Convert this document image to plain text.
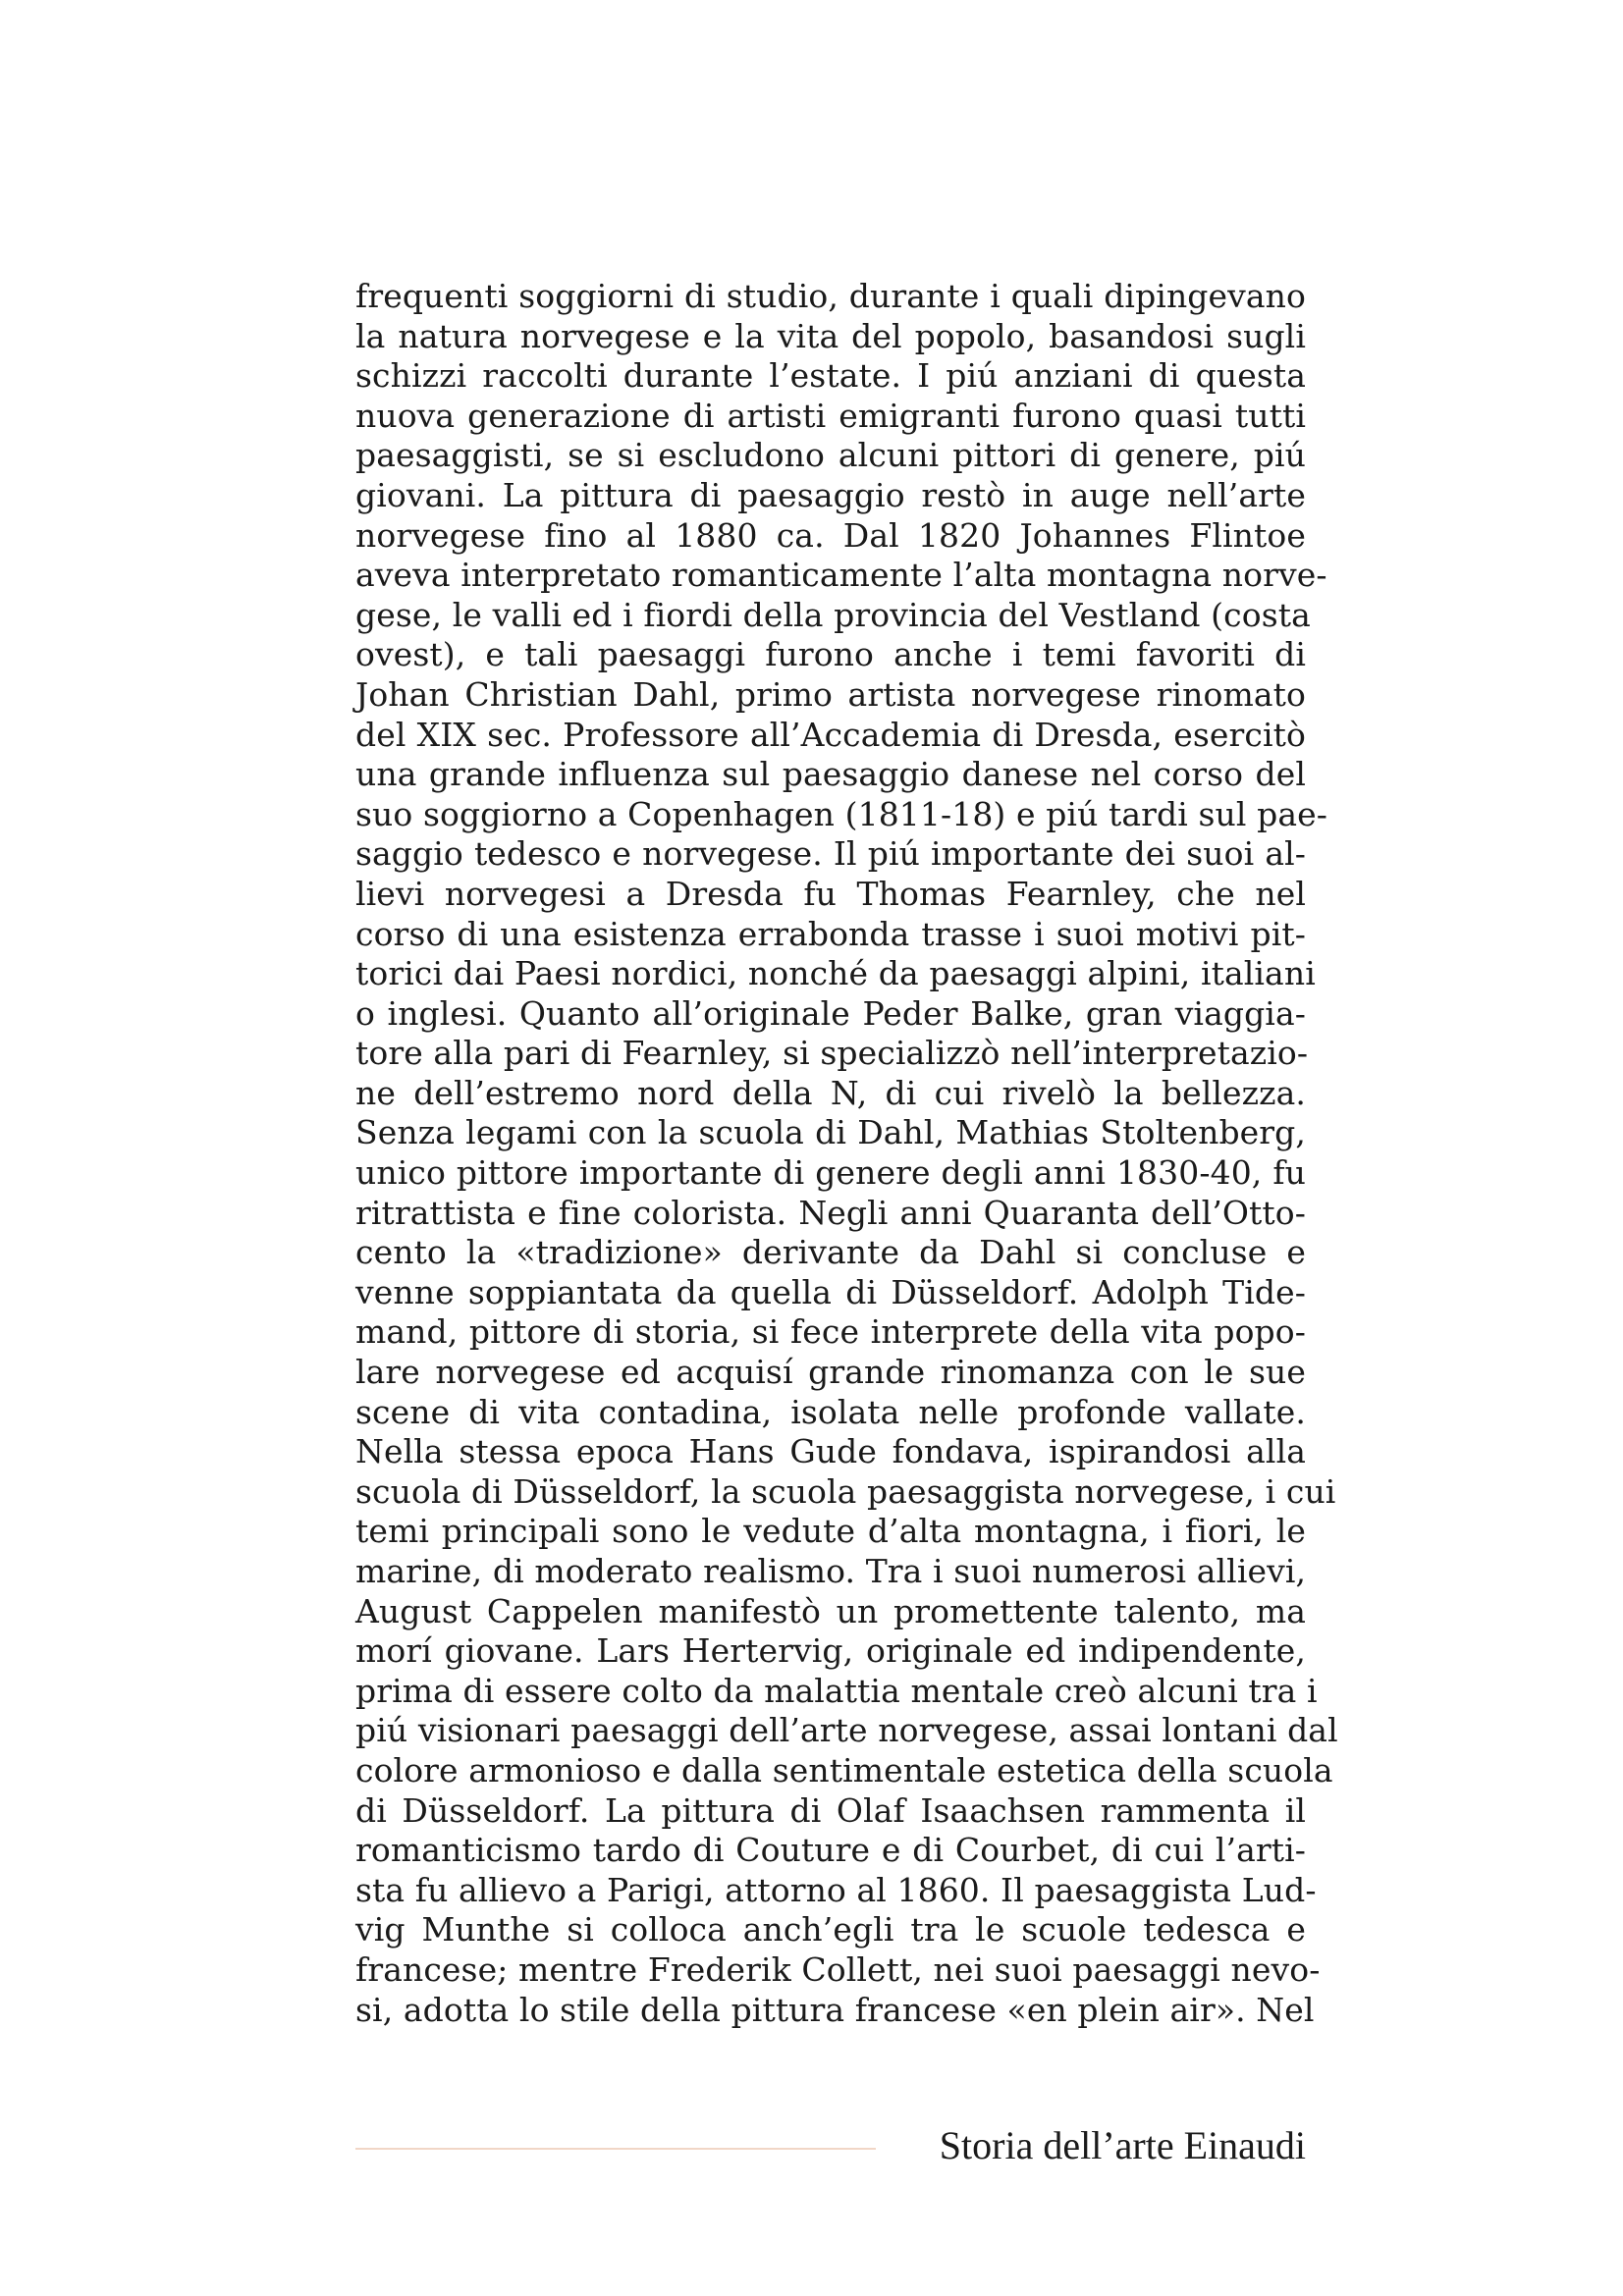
frequenti soggiorni di studio, durante i quali dipingevano
la natura norvegese e la vita del popolo, basandosi sugli
schizzi raccolti durante l’estate. I piú anziani di questa
nuova generazione di artisti emigranti furono quasi tutti
paesaggisti, se si escludono alcuni pittori di genere, piú
giovani. La pittura di paesaggio restò in auge nell’arte
norvegese fino al 1880 ca. Dal 1820 Johannes Flintoe
aveva interpretato romanticamente l’alta montagna norve-
gese, le valli ed i fiordi della provincia del Vestland (costa
ovest), e tali paesaggi furono anche i temi favoriti di
Johan Christian Dahl, primo artista norvegese rinomato
del XIX sec. Professore all’Accademia di Dresda, esercitò
una grande influenza sul paesaggio danese nel corso del
suo soggiorno a Copenhagen (1811-18) e piú tardi sul pae-
saggio tedesco e norvegese. Il piú importante dei suoi al-
lievi norvegesi a Dresda fu Thomas Fearnley, che nel
corso di una esistenza errabonda trasse i suoi motivi pit-
torici dai Paesi nordici, nonché da paesaggi alpini, italiani
o inglesi. Quanto all’originale Peder Balke, gran viaggia-
tore alla pari di Fearnley, si specializzò nell’interpretazio-
ne dell’estremo nord della N, di cui rivelò la bellezza.
Senza legami con la scuola di Dahl, Mathias Stoltenberg,
unico pittore importante di genere degli anni 1830-40, fu
ritrattista e fine colorista. Negli anni Quaranta dell’Otto-
cento la «tradizione» derivante da Dahl si concluse e
venne soppiantata da quella di Düsseldorf. Adolph Tide-
mand, pittore di storia, si fece interprete della vita popo-
lare norvegese ed acquisí grande rinomanza con le sue
scene di vita contadina, isolata nelle profonde vallate.
Nella stessa epoca Hans Gude fondava, ispirandosi alla
scuola di Düsseldorf, la scuola paesaggista norvegese, i cui
temi principali sono le vedute d’alta montagna, i fiori, le
marine, di moderato realismo. Tra i suoi numerosi allievi,
August Cappelen manifestò un promettente talento, ma
morí giovane. Lars Hertervig, originale ed indipendente,
prima di essere colto da malattia mentale creò alcuni tra i
piú visionari paesaggi dell’arte norvegese, assai lontani dal
colore armonioso e dalla sentimentale estetica della scuola
di Düsseldorf. La pittura di Olaf Isaachsen rammenta il
romanticismo tardo di Couture e di Courbet, di cui l’arti-
sta fu allievo a Parigi, attorno al 1860. Il paesaggista Lud-
vig Munthe si colloca anch’egli tra le scuole tedesca e
francese; mentre Frederik Collett, nei suoi paesaggi nevo-
si, adotta lo stile della pittura francese «en plein air». Nel
Storia dell’arte Einaudi
